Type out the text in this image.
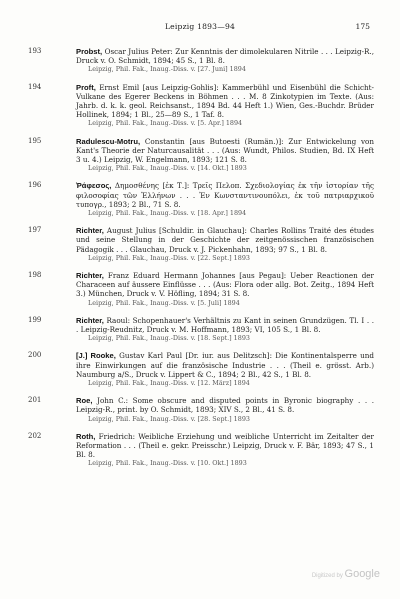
Leipzig 1893—94	175
193	Probst, Oscar Julius Peter: Zur Kenntnis der dimolekularen Nitrile . . . Leipzig-R., Druck v. O. Schmidt, 1894; 45 S., 1 Bl. 8.
Leipzig, Phil. Fak., Inaug.-Diss. v. [27. Juni] 1894
194	Proft, Ernst Emil [aus Leipzig-Gohlis]: Kammerbühl und Eisenbühl die Schicht-Vulkane des Egerer Beckens in Böhmen . . . M. 8 Zinkotypien im Texte. (Aus: Jahrb. d. k. k. geol. Reichsanst., 1894 Bd. 44 Heft 1.) Wien, Ges.-Buchdr. Brüder Hollinek, 1894; 1 Bl., 25—89 S., 1 Taf. 8.
Leipzig, Phil. Fak., Inaug.-Diss. v. [5. Apr.] 1894
195	Radulescu-Motru, Constantin [aus Butoesti (Rumän.)]: Zur Entwickelung von Kant's Theorie der Naturcausalität . . . (Aus: Wundt, Philos. Studien, Bd. IX Heft 3 u. 4.) Leipzig, W. Engelmann, 1893; 121 S. 8.
Leipzig, Phil. Fak., Inaug.-Diss. v. [14. Okt.] 1893
196	Ῥάφεσος, Δημοσθένης [ἐκ Τ.]: Τρεῖς Πελοπ. Σχεδιολογίας ἐκ τῆν ἱστορίαν τῆς φιλοσοφίας τῶν Ἑλλήνων . . . Ἐν Κωνσταντινουπόλει, ἐκ τοῦ πατριαρχικοῦ τυπογρ., 1893; 2 Bl., 71 S. 8.
Leipzig, Phil. Fak., Inaug.-Diss. v. [18. Apr.] 1894
197	Richter, August Julius [Schuldir. in Glauchau]: Charles Rollins Traité des études und seine Stellung in der Geschichte der zeitgenössischen französischen Pädagogik . . . Glauchau, Druck v. J. Pickenhahn, 1893; 97 S., 1 Bl. 8.
Leipzig, Phil. Fak., Inaug.-Diss. v. [22. Sept.] 1893
198	Richter, Franz Eduard Hermann Johannes [aus Pegau]: Ueber Reactionen der Characeen auf äussere Einflüsse . . . (Aus: Flora oder allg. Bot. Zeitg., 1894 Heft 3.) München, Druck v. V. Höfling, 1894; 31 S. 8.
Leipzig, Phil. Fak., Inaug.-Diss. v. [5. Juli] 1894
199	Richter, Raoul: Schopenhauer's Verhältnis zu Kant in seinen Grundzügen. Tl. I . . . Leipzig-Reudnitz, Druck v. M. Hoffmann, 1893; VI, 105 S., 1 Bl. 8.
Leipzig, Phil. Fak., Inaug.-Diss. v. [18. Sept.] 1893
200	[J.] Rooke, Gustav Karl Paul [Dr. iur. aus Delitzsch]: Die Kontinentalsperre und ihre Einwirkungen auf die französische Industrie . . . (Theil e. grösst. Arb.) Naumburg a/S., Druck v. Lippert & C., 1894; 2 Bl., 42 S., 1 Bl. 8.
Leipzig, Phil. Fak., Inaug.-Diss. v. [12. März] 1894
201	Roe, John C.: Some obscure and disputed points in Byronic biography . . . Leipzig-R., print. by O. Schmidt, 1893; XIV S., 2 Bl., 41 S. 8.
Leipzig, Phil. Fak., Inaug.-Diss. v. [28. Sept.] 1893
202	Roth, Friedrich: Weibliche Erziehung und weibliche Unterricht im Zeitalter der Reformation . . . (Theil e. gekr. Preisschr.) Leipzig, Druck v. F. Bär, 1893; 47 S., 1 Bl. 8.
Leipzig, Phil. Fak., Inaug.-Diss. v. [10. Okt.] 1893
Digitized by Google
